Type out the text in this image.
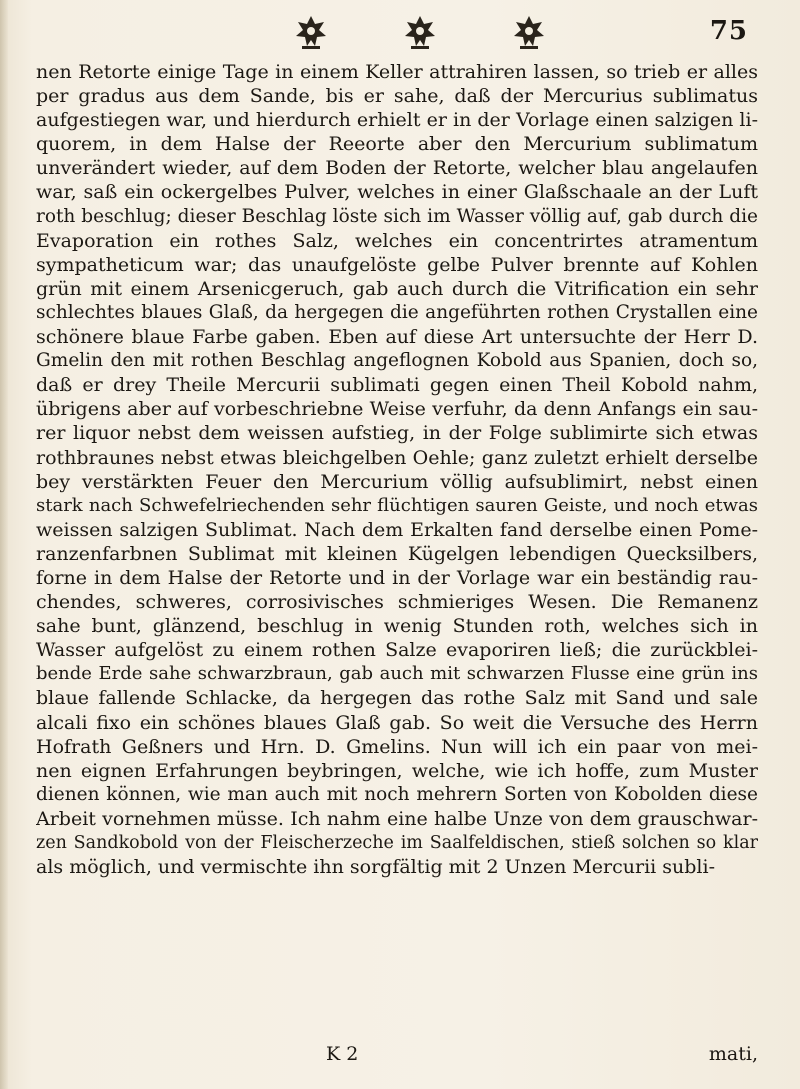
75
nen Retorte einige Tage in einem Keller attrahiren lassen, so trieb er alles
per gradus aus dem Sande, bis er sahe, daß der Mercurius sublimatus
aufgestiegen war, und hierdurch erhielt er in der Vorlage einen salzigen li-
quorem, in dem Halse der Reeorte aber den Mercurium sublimatum
unverändert wieder, auf dem Boden der Retorte, welcher blau angelaufen
war, saß ein ockergelbes Pulver, welches in einer Glaßschaale an der Luft
roth beschlug; dieser Beschlag löste sich im Wasser völlig auf, gab durch die
Evaporation ein rothes Salz, welches ein concentrirtes atramentum
sympatheticum war; das unaufgelöste gelbe Pulver brennte auf Kohlen
grün mit einem Arsenicgeruch, gab auch durch die Vitrification ein sehr
schlechtes blaues Glaß, da hergegen die angeführten rothen Crystallen eine
schönere blaue Farbe gaben. Eben auf diese Art untersuchte der Herr D.
Gmelin den mit rothen Beschlag angeflognen Kobold aus Spanien, doch so,
daß er drey Theile Mercurii sublimati gegen einen Theil Kobold nahm,
übrigens aber auf vorbeschriebne Weise verfuhr, da denn Anfangs ein sau-
rer liquor nebst dem weissen aufstieg, in der Folge sublimirte sich etwas
rothbraunes nebst etwas bleichgelben Oehle; ganz zuletzt erhielt derselbe
bey verstärkten Feuer den Mercurium völlig aufsublimirt, nebst einen
stark nach Schwefelriechenden sehr flüchtigen sauren Geiste, und noch etwas
weissen salzigen Sublimat. Nach dem Erkalten fand derselbe einen Pome-
ranzenfarbnen Sublimat mit kleinen Kügelgen lebendigen Quecksilbers,
forne in dem Halse der Retorte und in der Vorlage war ein beständig rau-
chendes, schweres, corrosivisches schmieriges Wesen. Die Remanenz
sahe bunt, glänzend, beschlug in wenig Stunden roth, welches sich in
Wasser aufgelöst zu einem rothen Salze evaporiren ließ; die zurückblei-
bende Erde sahe schwarzbraun, gab auch mit schwarzen Flusse eine grün ins
blaue fallende Schlacke, da hergegen das rothe Salz mit Sand und sale
alcali fixo ein schönes blaues Glaß gab. So weit die Versuche des Herrn
Hofrath Geßners und Hrn. D. Gmelins. Nun will ich ein paar von mei-
nen eignen Erfahrungen beybringen, welche, wie ich hoffe, zum Muster
dienen können, wie man auch mit noch mehrern Sorten von Kobolden diese
Arbeit vornehmen müsse. Ich nahm eine halbe Unze von dem grauschwar-
zen Sandkobold von der Fleischerzeche im Saalfeldischen, stieß solchen so klar
als möglich, und vermischte ihn sorgfältig mit 2 Unzen Mercurii subli-
K 2	mati,
